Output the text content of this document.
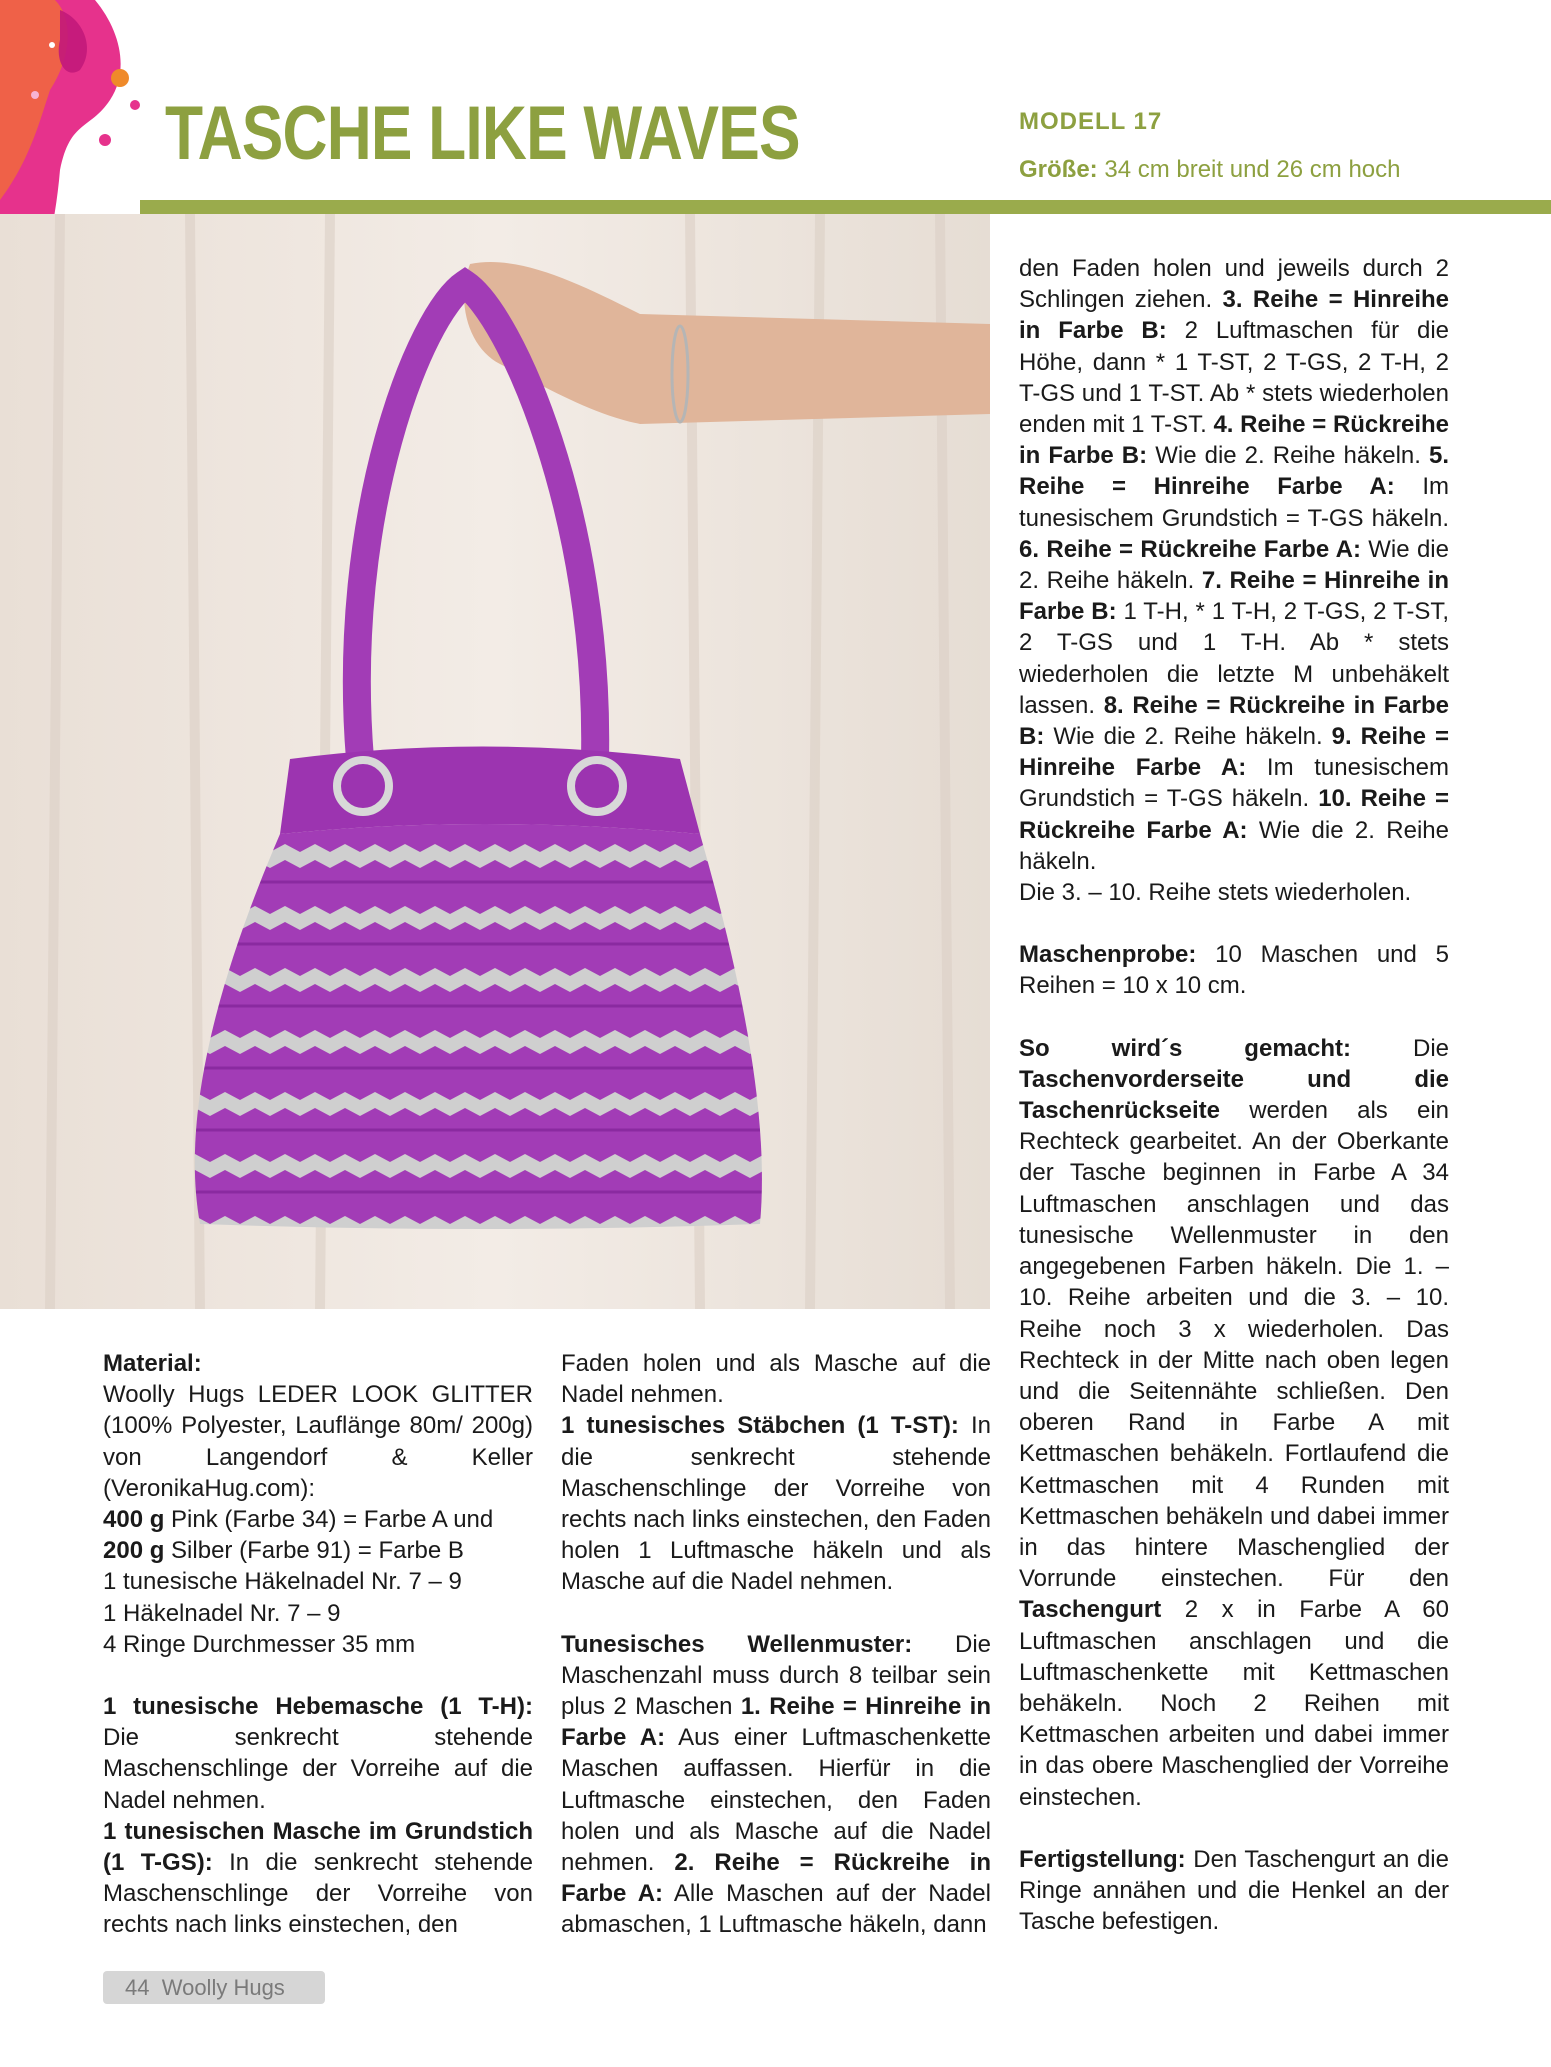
TASCHE LIKE WAVES	MODELL 17
Größe: 34 cm breit und 26 cm hoch

Material:

Woolly Hugs LEDER LOOK GLITTER (100% Polyester, Lauflänge 80m/ 200g) von Langendorf & Keller (VeronikaHug.com):

400 g Pink (Farbe 34) = Farbe A und

200 g Silber (Farbe 91) = Farbe B

1 tunesische Häkelnadel Nr. 7 – 9

1 Häkelnadel Nr. 7 – 9

4 Ringe Durchmesser 35 mm

1 tunesische Hebemasche (1 T-H): Die senkrecht stehende Maschenschlinge der Vorreihe auf die Nadel nehmen.

1 tunesischen Masche im Grundstich (1 T-GS): In die senkrecht stehende Maschenschlinge der Vorreihe von rechts nach links einstechen, den

Faden holen und als Masche auf die Nadel nehmen.

1 tunesisches Stäbchen (1 T-ST): In die senkrecht stehende Maschenschlinge der Vorreihe von rechts nach links einstechen, den Faden holen 1 Luftmasche häkeln und als Masche auf die Nadel nehmen.

Tunesisches Wellenmuster: Die Maschenzahl muss durch 8 teilbar sein plus 2 Maschen 1. Reihe = Hinreihe in Farbe A: Aus einer Luftmaschenkette Maschen auffassen. Hierfür in die Luftmasche einstechen, den Faden holen und als Masche auf die Nadel nehmen. 2. Reihe = Rückreihe in Farbe A: Alle Maschen auf der Nadel abmaschen, 1 Luftmasche häkeln, dann

den Faden holen und jeweils durch 2 Schlingen ziehen. 3. Reihe = Hinreihe in Farbe B: 2 Luftmaschen für die Höhe, dann * 1 T-ST, 2 T-GS, 2 T-H, 2 T-GS und 1 T-ST. Ab * stets wiederholen enden mit 1 T-ST. 4. Reihe = Rückreihe in Farbe B: Wie die 2. Reihe häkeln. 5. Reihe = Hinreihe Farbe A: Im tunesischem Grundstich = T-GS häkeln. 6. Reihe = Rückreihe Farbe A: Wie die 2. Reihe häkeln. 7. Reihe = Hinreihe in Farbe B: 1 T-H, * 1 T-H, 2 T-GS, 2 T-ST, 2 T-GS und 1 T-H. Ab * stets wiederholen die letzte M unbehäkelt lassen. 8. Reihe = Rückreihe in Farbe B: Wie die 2. Reihe häkeln. 9. Reihe = Hinreihe Farbe A: Im tunesischem Grundstich = T-GS häkeln. 10. Reihe = Rückreihe Farbe A: Wie die 2. Reihe häkeln.

Die 3. – 10. Reihe stets wiederholen.

Maschenprobe: 10 Maschen und 5 Reihen = 10 x 10 cm.

So wird´s gemacht:	Die Taschenvorderseite und die Taschenrückseite werden als ein Rechteck gearbeitet. An der Oberkante der Tasche beginnen in Farbe A 34 Luftmaschen anschlagen und das tunesische Wellenmuster in den angegebenen Farben häkeln. Die 1. – 10. Reihe arbeiten und die 3. – 10. Reihe noch 3 x wiederholen. Das Rechteck in der Mitte nach oben legen und die Seitennähte schließen. Den oberen Rand in Farbe A mit Kettmaschen behäkeln. Fortlaufend die Kettmaschen mit 4 Runden mit Kettmaschen behäkeln und dabei immer in das hintere Maschenglied der Vorrunde einstechen. Für den Taschengurt 2 x in Farbe A 60 Luftmaschen anschlagen und die Luftmaschenkette mit Kettmaschen behäkeln. Noch 2 Reihen mit Kettmaschen arbeiten und dabei immer in das obere Maschenglied der Vorreihe einstechen.

Fertigstellung: Den Taschengurt an die Ringe annähen und die Henkel an der Tasche befestigen.

44 Woolly Hugs
